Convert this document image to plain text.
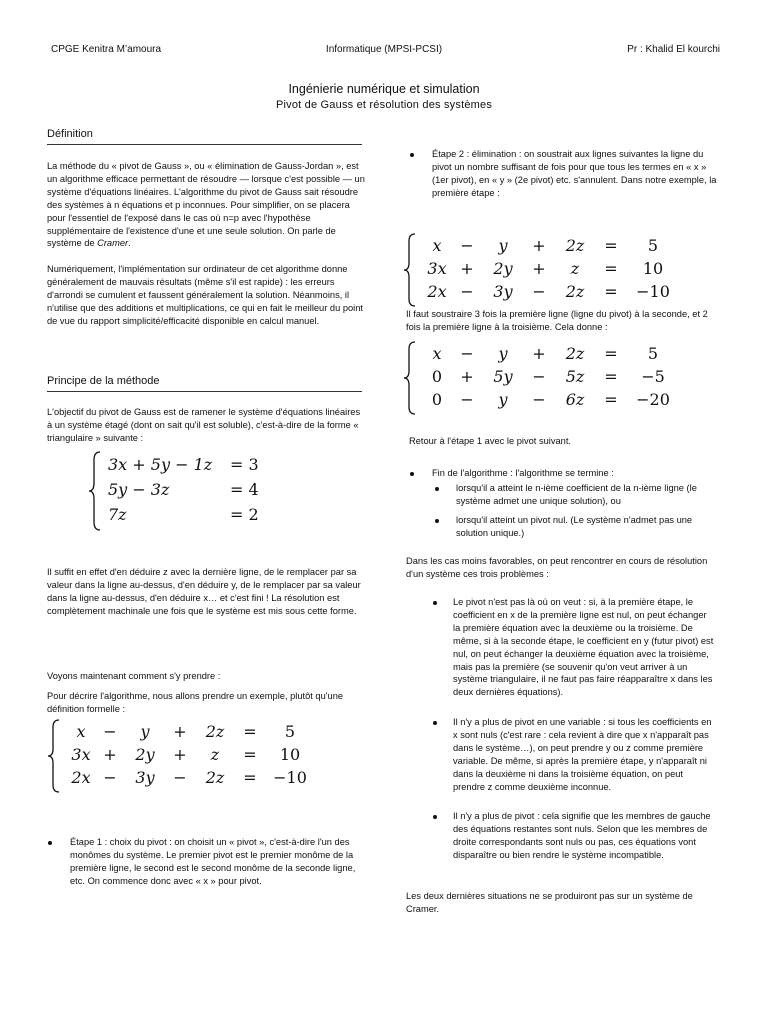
CPGE Kenitra M’amoura	Informatique (MPSI-PCSI)	Pr : Khalid El kourchi
Ingénierie numérique et simulation
Pivot de Gauss et résolution des systèmes
Définition

La méthode du « pivot de Gauss », ou « élimination de Gauss-Jordan », est un algorithme efficace permettant de résoudre — lorsque c'est possible — un système d'équations linéaires. L'algorithme du pivot de Gauss sait résoudre des systèmes à n équations et p inconnues. Pour simplifier, on se placera pour l'essentiel de l'exposé dans le cas où n=p avec l'hypothèse supplémentaire de l'existence d'une et une seule solution. On parle de système de Cramer.

Numériquement, l'implémentation sur ordinateur de cet algorithme donne généralement de mauvais résultats (même s'il est rapide) : les erreurs d'arrondi se cumulent et faussent généralement la solution. Néanmoins, il n'utilise que des additions et multiplications, ce qui en fait le meilleur du point de vue du rapport simplicité/efficacité disponible en calcul manuel.

Principe de la méthode
L'objectif du pivot de Gauss est de ramener le système d'équations linéaires à un système étagé (dont on sait qu'il est soluble), c'est-à-dire de la forme « triangulaire » suivante :
3x + 5y − 1z	= 3
5y − 3z	= 4
7z	= 2
Il suffit en effet d'en déduire z avec la dernière ligne, de le remplacer par sa valeur dans la ligne au-dessus, d'en déduire y, de le remplacer par sa valeur dans la ligne au-dessus, d'en déduire x… et c'est fini ! La résolution est complètement machinale une fois que le système est mis sous cette forme.
Voyons maintenant comment s'y prendre :
Pour décrire l'algorithme, nous allons prendre un exemple, plutôt qu'une définition formelle :
x	−	y	+	2z	=	5
3x	+	2y	+	z	=	10
2x	−	3y	−	2z	=	−10
Étape 1 : choix du pivot : on choisit un « pivot », c'est-à-dire l'un des monômes du système. Le premier pivot est le premier monôme de la première ligne, le second est le second monôme de la seconde ligne, etc. On commence donc avec « x » pour pivot.
Étape 2 : élimination : on soustrait aux lignes suivantes la ligne du pivot un nombre suffisant de fois pour que tous les termes en « x » (1er pivot), en « y » (2e pivot) etc. s'annulent. Dans notre exemple, la première étape :
x	−	y	+	2z	=	5
3x	+	2y	+	z	=	10
2x	−	3y	−	2z	=	−10
Il faut soustraire 3 fois la première ligne (ligne du pivot) à la seconde, et 2 fois la première ligne à la troisième. Cela donne :
x	−	y	+	2z	=	5
0	+	5y	−	5z	=	−5
0	−	y	−	6z	=	−20
Retour à l'étape 1 avec le pivot suivant.
Fin de l'algorithme : l'algorithme se termine :
lorsqu'il a atteint le n-ième coefficient de la n-ième ligne (le système admet une unique solution), ou
lorsqu'il atteint un pivot nul. (Le système n'admet pas une solution unique.)
Dans les cas moins favorables, on peut rencontrer en cours de résolution d'un système ces trois problèmes :
Le pivot n'est pas là où on veut : si, à la première étape, le coefficient en x de la première ligne est nul, on peut échanger la première équation avec la deuxième ou la troisième. De même, si à la seconde étape, le coefficient en y (futur pivot) est nul, on peut échanger la deuxième équation avec la troisième, mais pas la première (se souvenir qu'on veut arriver à un système triangulaire, il ne faut pas faire réapparaître x dans les deux dernières équations).
Il n'y a plus de pivot en une variable : si tous les coefficients en x sont nuls (c'est rare : cela revient à dire que x n'apparaît pas dans le système…), on peut prendre y ou z comme première variable. De même, si après la première étape, y n'apparaît ni dans la deuxième ni dans la troisième équation, on peut prendre z comme deuxième inconnue.
Il n'y a plus de pivot : cela signifie que les membres de gauche des équations restantes sont nuls. Selon que les membres de droite correspondants sont nuls ou pas, ces équations vont disparaître ou bien rendre le système incompatible.
Les deux dernières situations ne se produiront pas sur un système de Cramer.
